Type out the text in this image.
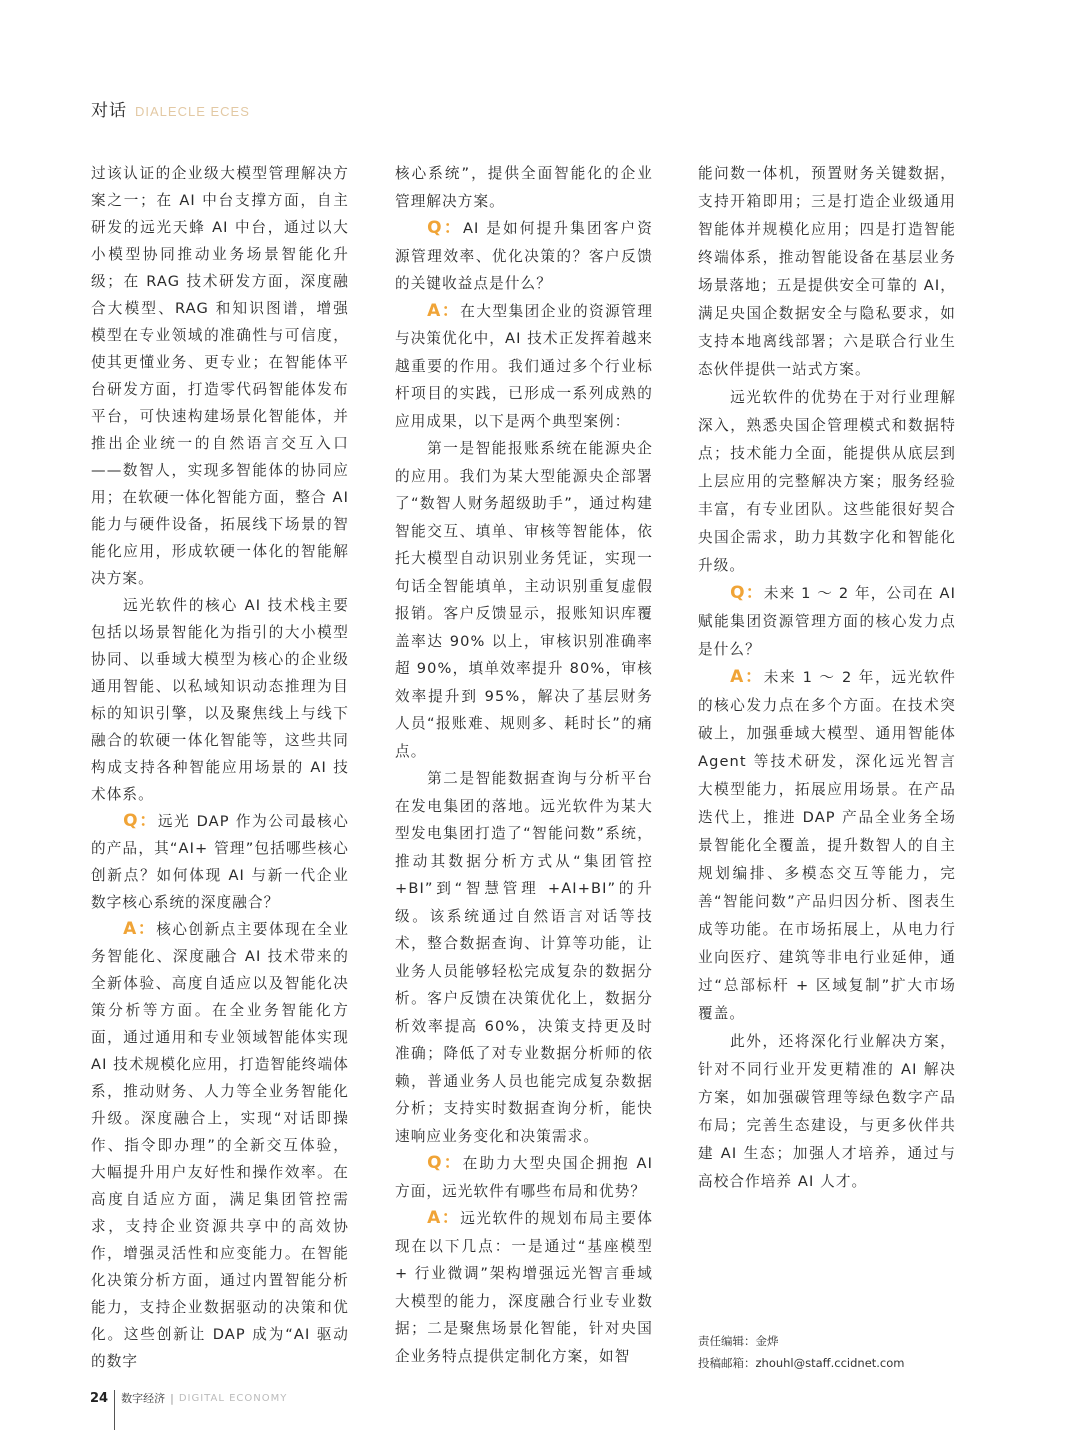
对话 DIALECLE ECES

过该认证的企业级大模型管理解决方案之一；在 AI 中台支撑方面，自主研发的远光天蜂 AI 中台，通过以大小模型协同推动业务场景智能化升级；在 RAG 技术研发方面，深度融合大模型、RAG 和知识图谱，增强模型在专业领域的准确性与可信度，使其更懂业务、更专业；在智能体平台研发方面，打造零代码智能体发布平台，可快速构建场景化智能体，并推出企业统一的自然语言交互入口——数智人，实现多智能体的协同应用；在软硬一体化智能方面，整合 AI 能力与硬件设备，拓展线下场景的智能化应用，形成软硬一体化的智能解决方案。

远光软件的核心 AI 技术栈主要包括以场景智能化为指引的大小模型协同、以垂域大模型为核心的企业级通用智能、以私域知识动态推理为目标的知识引擎，以及聚焦线上与线下融合的软硬一体化智能等，这些共同构成支持各种智能应用场景的 AI 技术体系。

Q：远光 DAP 作为公司最核心的产品，其“AI+ 管理”包括哪些核心创新点？如何体现 AI 与新一代企业数字核心系统的深度融合？

A：核心创新点主要体现在全业务智能化、深度融合 AI 技术带来的全新体验、高度自适应以及智能化决策分析等方面。在全业务智能化方面，通过通用和专业领域智能体实现 AI 技术规模化应用，打造智能终端体系，推动财务、人力等全业务智能化升级。深度融合上，实现“对话即操作、指令即办理”的全新交互体验，大幅提升用户友好性和操作效率。在高度自适应方面，满足集团管控需求，支持企业资源共享中的高效协作，增强灵活性和应变能力。在智能化决策分析方面，通过内置智能分析能力，支持企业数据驱动的决策和优化。这些创新让 DAP 成为“AI 驱动的数字

核心系统”，提供全面智能化的企业管理解决方案。

Q：AI 是如何提升集团客户资源管理效率、优化决策的？客户反馈的关键收益点是什么？

A：在大型集团企业的资源管理与决策优化中，AI 技术正发挥着越来越重要的作用。我们通过多个行业标杆项目的实践，已形成一系列成熟的应用成果，以下是两个典型案例：

第一是智能报账系统在能源央企的应用。我们为某大型能源央企部署了“数智人财务超级助手”，通过构建智能交互、填单、审核等智能体，依托大模型自动识别业务凭证，实现一句话全智能填单，主动识别重复虚假报销。客户反馈显示，报账知识库覆盖率达 90% 以上，审核识别准确率超 90%，填单效率提升 80%，审核效率提升到 95%，解决了基层财务人员“报账难、规则多、耗时长”的痛点。

第二是智能数据查询与分析平台在发电集团的落地。远光软件为某大型发电集团打造了“智能问数”系统，推动其数据分析方式从“集团管控 +BI”到“智慧管理 +AI+BI”的升级。该系统通过自然语言对话等技术，整合数据查询、计算等功能，让业务人员能够轻松完成复杂的数据分析。客户反馈在决策优化上，数据分析效率提高 60%，决策支持更及时准确；降低了对专业数据分析师的依赖，普通业务人员也能完成复杂数据分析；支持实时数据查询分析，能快速响应业务变化和决策需求。

Q：在助力大型央国企拥抱 AI 方面，远光软件有哪些布局和优势？

A：远光软件的规划布局主要体现在以下几点：一是通过“基座模型 + 行业微调”架构增强远光智言垂域大模型的能力，深度融合行业专业数据；二是聚焦场景化智能，针对央国企业务特点提供定制化方案，如智

能问数一体机，预置财务关键数据，支持开箱即用；三是打造企业级通用智能体并规模化应用；四是打造智能终端体系，推动智能设备在基层业务场景落地；五是提供安全可靠的 AI，满足央国企数据安全与隐私要求，如支持本地离线部署；六是联合行业生态伙伴提供一站式方案。

远光软件的优势在于对行业理解深入，熟悉央国企管理模式和数据特点；技术能力全面，能提供从底层到上层应用的完整解决方案；服务经验丰富，有专业团队。这些能很好契合央国企需求，助力其数字化和智能化升级。

Q：未来 1 ～ 2 年，公司在 AI 赋能集团资源管理方面的核心发力点是什么？

A：未来 1 ～ 2 年，远光软件的核心发力点在多个方面。在技术突破上，加强垂域大模型、通用智能体 Agent 等技术研发，深化远光智言大模型能力，拓展应用场景。在产品迭代上，推进 DAP 产品全业务全场景智能化全覆盖，提升数智人的自主规划编排、多模态交互等能力，完善“智能问数”产品归因分析、图表生成等功能。在市场拓展上，从电力行业向医疗、建筑等非电行业延伸，通过“总部标杆 + 区域复制”扩大市场覆盖。

此外，还将深化行业解决方案，针对不同行业开发更精准的 AI 解决方案，如加强碳管理等绿色数字产品布局；完善生态建设，与更多伙伴共建 AI 生态；加强人才培养，通过与高校合作培养 AI 人才。

责任编辑：金烨
投稿邮箱：zhouhl@staff.ccidnet.com
24	数字经济 | DIGITAL ECONOMY
